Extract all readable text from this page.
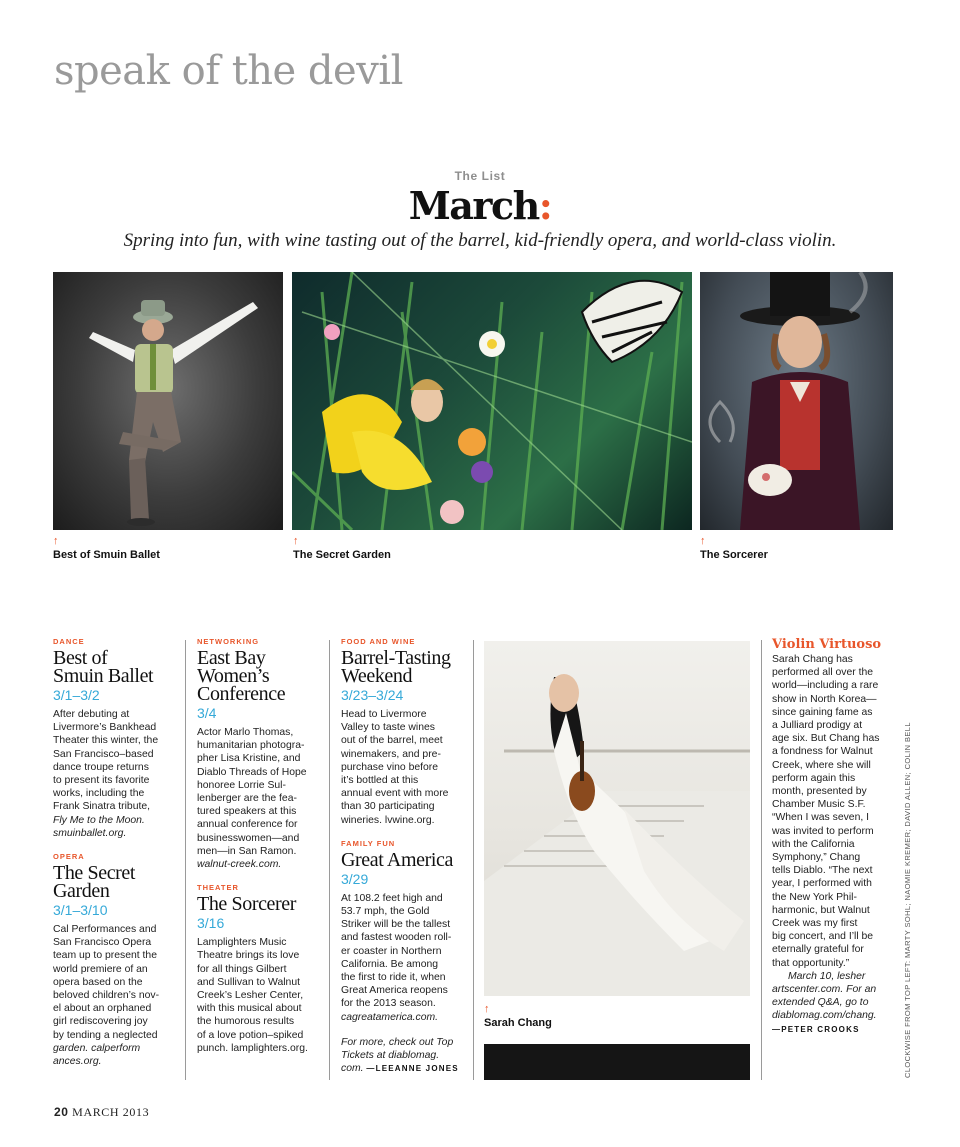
speak of the devil
The List
March:
Spring into fun, with wine tasting out of the barrel, kid-friendly opera, and world-class violin.
↑
Best of Smuin Ballet
↑
The Secret Garden
↑
The Sorcerer
DANCE
Best of
Smuin Ballet
3/1–3/2
After debuting at
Livermore’s Bankhead
Theater this winter, the
San Francisco–based
dance troupe returns
to present its favorite
works, including the
Frank Sinatra tribute,
Fly Me to the Moon.
smuinballet.org.
OPERA
The Secret
Garden
3/1–3/10
Cal Performances and
San Francisco Opera
team up to present the
world premiere of an
opera based on the
beloved children’s nov-
el about an orphaned
girl rediscovering joy
by tending a neglected
garden. calperform
ances.org.
NETWORKING
East Bay
Women’s
Conference
3/4
Actor Marlo Thomas,
humanitarian photogra-
pher Lisa Kristine, and
Diablo Threads of Hope
honoree Lorrie Sul-
lenberger are the fea-
tured speakers at this
annual conference for
businesswomen—and
men—in San Ramon.
walnut-creek.com.
THEATER
The Sorcerer
3/16
Lamplighters Music
Theatre brings its love
for all things Gilbert
and Sullivan to Walnut
Creek’s Lesher Center,
with this musical about
the humorous results
of a love potion–spiked
punch. lamplighters.org.
FOOD AND WINE
Barrel-Tasting
Weekend
3/23–3/24
Head to Livermore
Valley to taste wines
out of the barrel, meet
winemakers, and pre-
purchase vino before
it’s bottled at this
annual event with more
than 30 participating
wineries. lvwine.org.
FAMILY FUN
Great America
3/29
At 108.2 feet high and
53.7 mph, the Gold
Striker will be the tallest
and fastest wooden roll-
er coaster in Northern
California. Be among
the first to ride it, when
Great America reopens
for the 2013 season.
cagreatamerica.com.
For more, check out Top
Tickets at diablomag.
com. —LEEANNE JONES
↑
Sarah Chang
Violin Virtuoso
Sarah Chang has
performed all over the
world—including a rare
show in North Korea—
since gaining fame as
a Julliard prodigy at
age six. But Chang has
a fondness for Walnut
Creek, where she will
perform again this
month, presented by
Chamber Music S.F.
“When I was seven, I
was invited to perform
with the California
Symphony,” Chang
tells Diablo. “The next
year, I performed with
the New York Phil-
harmonic, but Walnut
Creek was my first
big concert, and I’ll be
eternally grateful for
that opportunity.”
March 10, lesher
artscenter.com. For an
extended Q&A, go to
diablomag.com/chang.
—PETER CROOKS	CLOCKWISE FROM TOP LEFT: MARTY SOHL; NAOMIE KREMER; DAVID ALLEN; COLIN BELL
20 MARCH 2013
